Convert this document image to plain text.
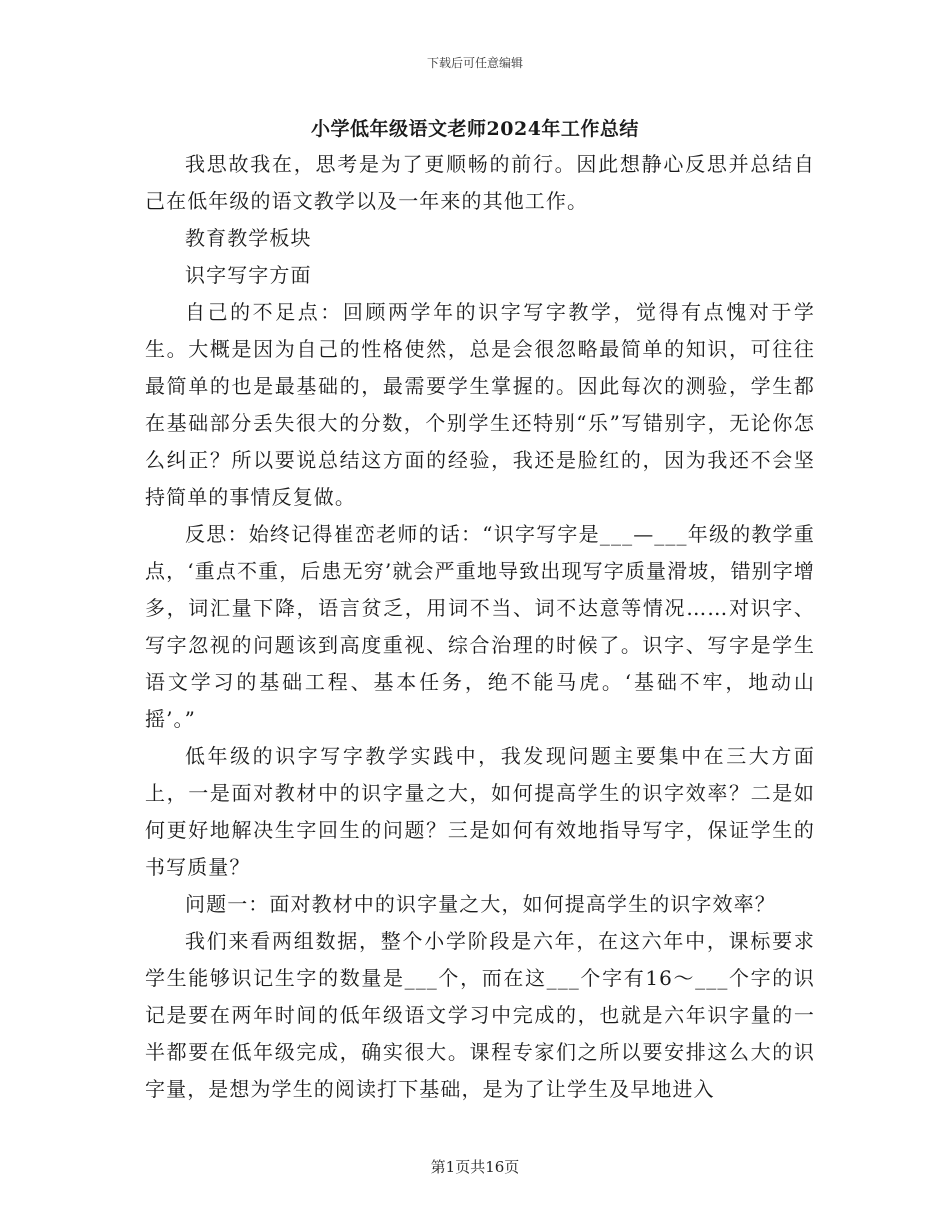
下载后可任意编辑
小学低年级语文老师2024年工作总结

我思故我在，思考是为了更顺畅的前行。因此想静心反思并总结自己在低年级的语文教学以及一年来的其他工作。

教育教学板块

识字写字方面

自己的不足点：回顾两学年的识字写字教学，觉得有点愧对于学生。大概是因为自己的性格使然，总是会很忽略最简单的知识，可往往最简单的也是最基础的，最需要学生掌握的。因此每次的测验，学生都在基础部分丢失很大的分数，个别学生还特别“乐”写错别字，无论你怎么纠正？所以要说总结这方面的经验，我还是脸红的，因为我还不会坚持简单的事情反复做。

反思：始终记得崔峦老师的话：“识字写字是___—___年级的教学重点，‘重点不重，后患无穷’就会严重地导致出现写字质量滑坡，错别字增多，词汇量下降，语言贫乏，用词不当、词不达意等情况……对识字、写字忽视的问题该到高度重视、综合治理的时候了。识字、写字是学生语文学习的基础工程、基本任务，绝不能马虎。‘基础不牢，地动山摇’。”

低年级的识字写字教学实践中，我发现问题主要集中在三大方面上，一是面对教材中的识字量之大，如何提高学生的识字效率？二是如何更好地解决生字回生的问题？三是如何有效地指导写字，保证学生的书写质量？

问题一：面对教材中的识字量之大，如何提高学生的识字效率？

我们来看两组数据，整个小学阶段是六年，在这六年中，课标要求学生能够识记生字的数量是___个，而在这___个字有16～___个字的识记是要在两年时间的低年级语文学习中完成的，也就是六年识字量的一半都要在低年级完成，确实很大。课程专家们之所以要安排这么大的识字量，是想为学生的阅读打下基础，是为了让学生及早地进入

第1页共16页
